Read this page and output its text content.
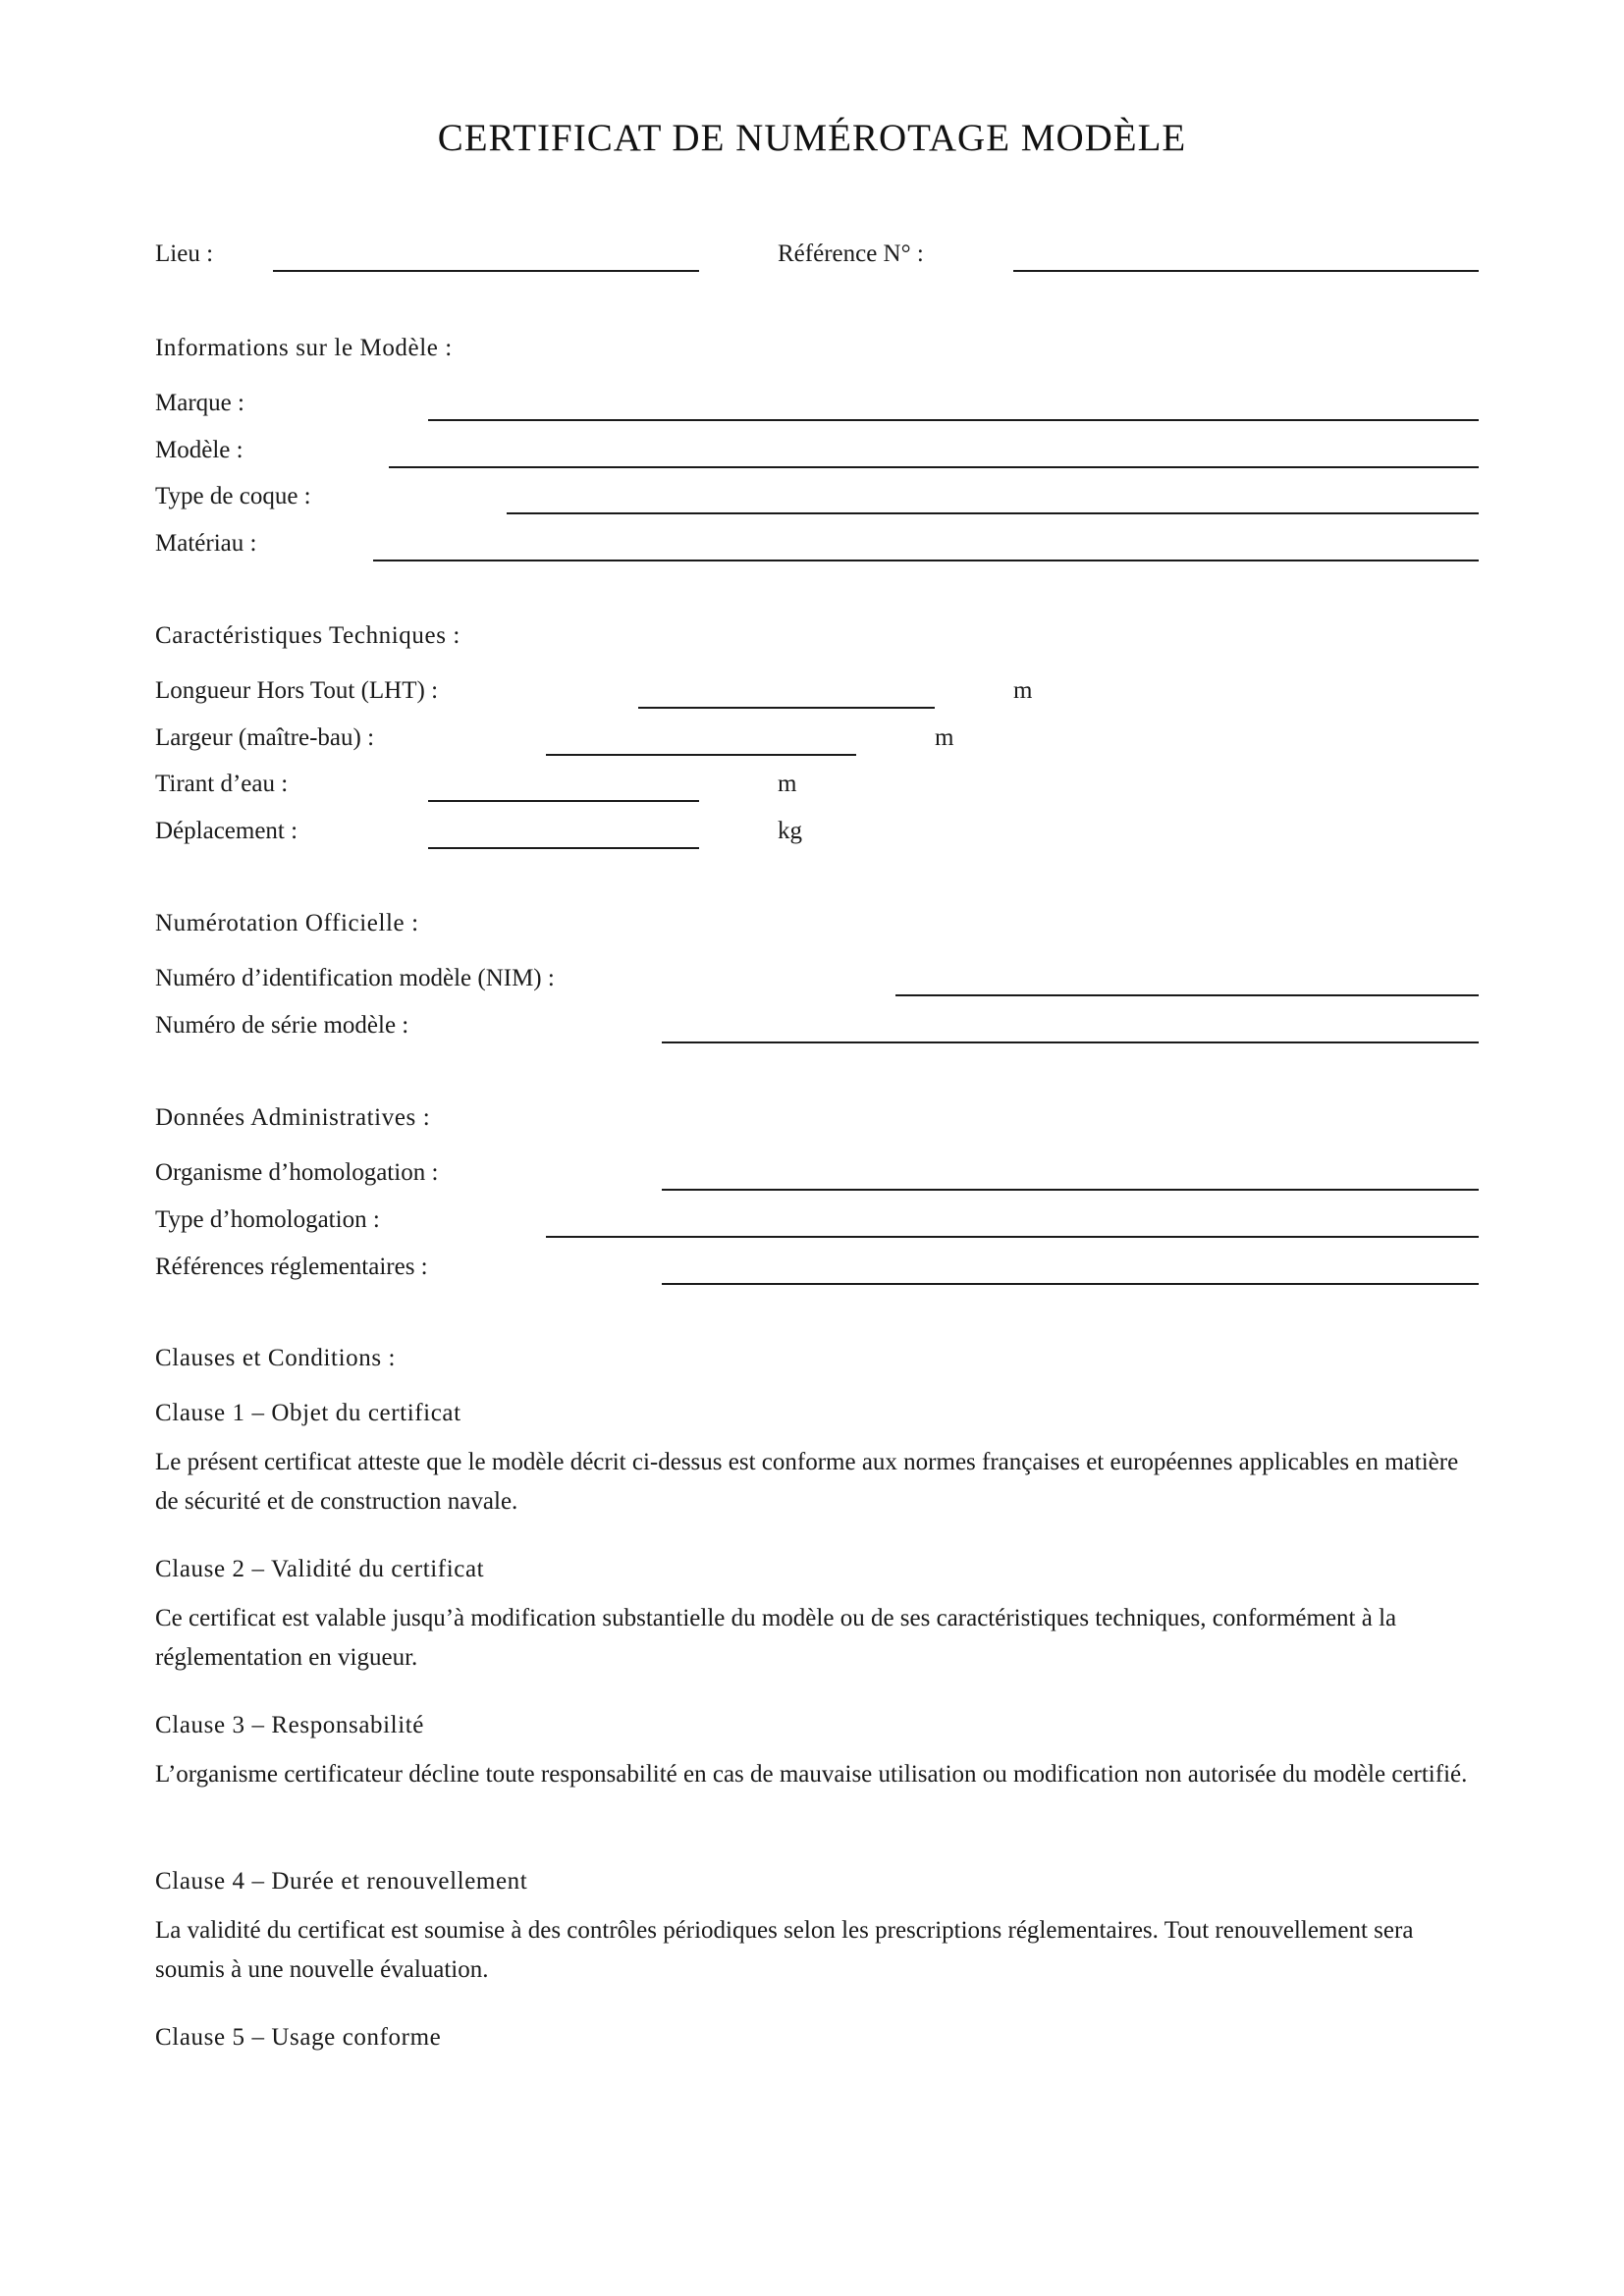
CERTIFICAT DE NUMÉROTAGE MODÈLE
Lieu :	Référence N° :
Informations sur le Modèle :
Marque :
Modèle :
Type de coque :
Matériau :
Caractéristiques Techniques :
Longueur Hors Tout (LHT) :	m
Largeur (maître-bau) :	m
Tirant d’eau :	m
Déplacement :	kg
Numérotation Officielle :
Numéro d’identification modèle (NIM) :
Numéro de série modèle :
Données Administratives :
Organisme d’homologation :
Type d’homologation :
Références réglementaires :
Clauses et Conditions :
Clause 1 – Objet du certificat
Le présent certificat atteste que le modèle décrit ci-dessus est conforme aux normes françaises et européennes applicables en matière de sécurité et de construction navale.
Clause 2 – Validité du certificat
Ce certificat est valable jusqu’à modification substantielle du modèle ou de ses caractéristiques techniques, conformément à la réglementation en vigueur.
Clause 3 – Responsabilité
L’organisme certificateur décline toute responsabilité en cas de mauvaise utilisation ou modification non autorisée du modèle certifié.
Clause 4 – Durée et renouvellement
La validité du certificat est soumise à des contrôles périodiques selon les prescriptions réglementaires. Tout renouvellement sera soumis à une nouvelle évaluation.
Clause 5 – Usage conforme
